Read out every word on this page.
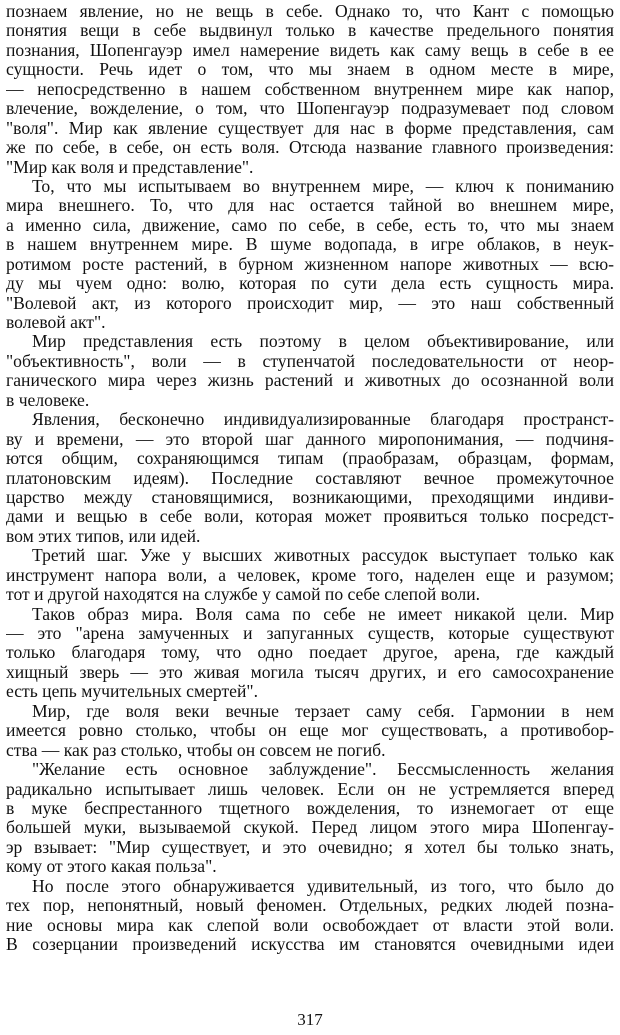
познаем явление, но не вещь в себе. Однако то, что Кант с помощью
понятия вещи в себе выдвинул только в качестве предельного понятия
познания, Шопенгауэр имел намерение видеть как саму вещь в себе в ее
сущности. Речь идет о том, что мы знаем в одном месте в мире,
— непосредственно в нашем собственном внутреннем мире как напор,
влечение, вожделение, о том, что Шопенгауэр подразумевает под словом
"воля". Мир как явление существует для нас в форме представления, сам
же по себе, в себе, он есть воля. Отсюда название главного произведения:
"Мир как воля и представление".
То, что мы испытываем во внутреннем мире, — ключ к пониманию
мира внешнего. То, что для нас остается тайной во внешнем мире,
а именно сила, движение, само по себе, в себе, есть то, что мы знаем
в нашем внутреннем мире. В шуме водопада, в игре облаков, в неук-
ротимом росте растений, в бурном жизненном напоре животных — всю-
ду мы чуем одно: волю, которая по сути дела есть сущность мира.
"Волевой акт, из которого происходит мир, — это наш собственный
волевой акт".
Мир представления есть поэтому в целом объективирование, или
"объективность", воли — в ступенчатой последовательности от неор-
ганического мира через жизнь растений и животных до осознанной воли
в человеке.
Явления, бесконечно индивидуализированные благодаря пространст-
ву и времени, — это второй шаг данного миропонимания, — подчиня-
ются общим, сохраняющимся типам (праобразам, образцам, формам,
платоновским идеям). Последние составляют вечное промежуточное
царство между становящимися, возникающими, преходящими индиви-
дами и вещью в себе воли, которая может проявиться только посредст-
вом этих типов, или идей.
Третий шаг. Уже у высших животных рассудок выступает только как
инструмент напора воли, а человек, кроме того, наделен еще и разумом;
тот и другой находятся на службе у самой по себе слепой воли.
Таков образ мира. Воля сама по себе не имеет никакой цели. Мир
— это "арена замученных и запуганных существ, которые существуют
только благодаря тому, что одно поедает другое, арена, где каждый
хищный зверь — это живая могила тысяч других, и его самосохранение
есть цепь мучительных смертей".
Мир, где воля веки вечные терзает саму себя. Гармонии в нем
имеется ровно столько, чтобы он еще мог существовать, а противобор-
ства — как раз столько, чтобы он совсем не погиб.
"Желание есть основное заблуждение". Бессмысленность желания
радикально испытывает лишь человек. Если он не устремляется вперед
в муке беспрестанного тщетного вожделения, то изнемогает от еще
большей муки, вызываемой скукой. Перед лицом этого мира Шопенгау-
эр взывает: "Мир существует, и это очевидно; я хотел бы только знать,
кому от этого какая польза".
Но после этого обнаруживается удивительный, из того, что было до
тех пор, непонятный, новый феномен. Отдельных, редких людей позна-
ние основы мира как слепой воли освобождает от власти этой воли.
В созерцании произведений искусства им становятся очевидными идеи
317
